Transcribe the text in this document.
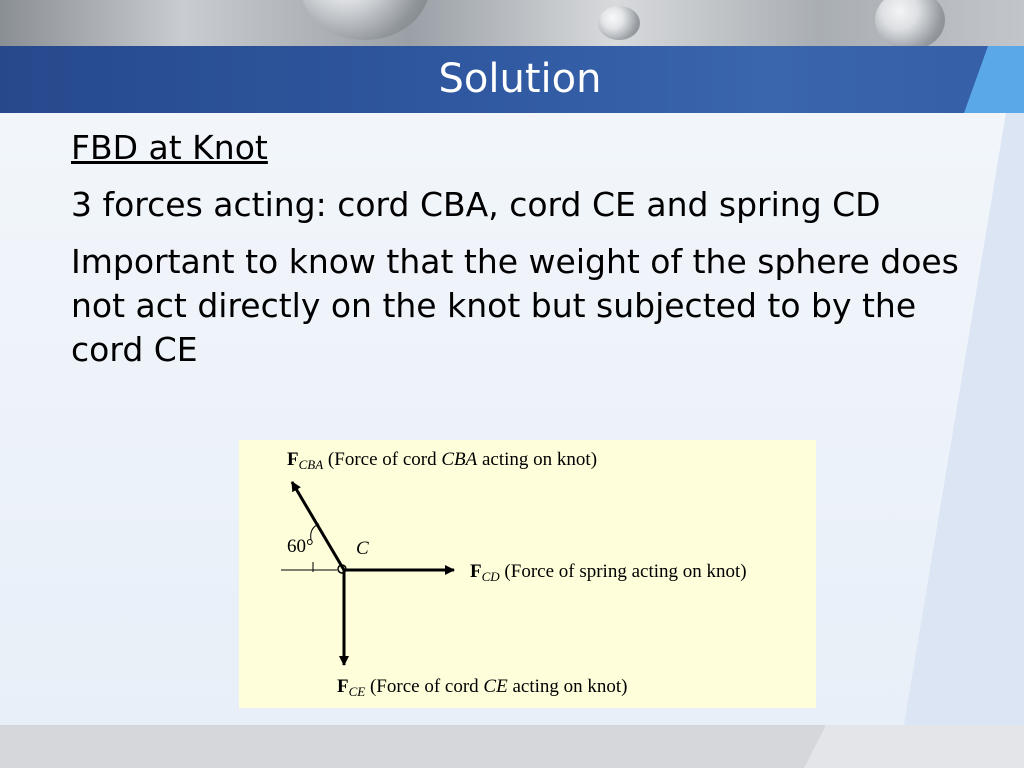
Solution

FBD at Knot

3 forces acting: cord CBA, cord CE and spring CD

Important to know that the weight of the sphere does not act directly on the knot but subjected to by the cord CE

60° C
$F_{CBA}$ (Force of cord CBA acting on knot)
$F_{CD}$ (Force of spring acting on knot)
$F_{CE}$ (Force of cord CE acting on knot)
